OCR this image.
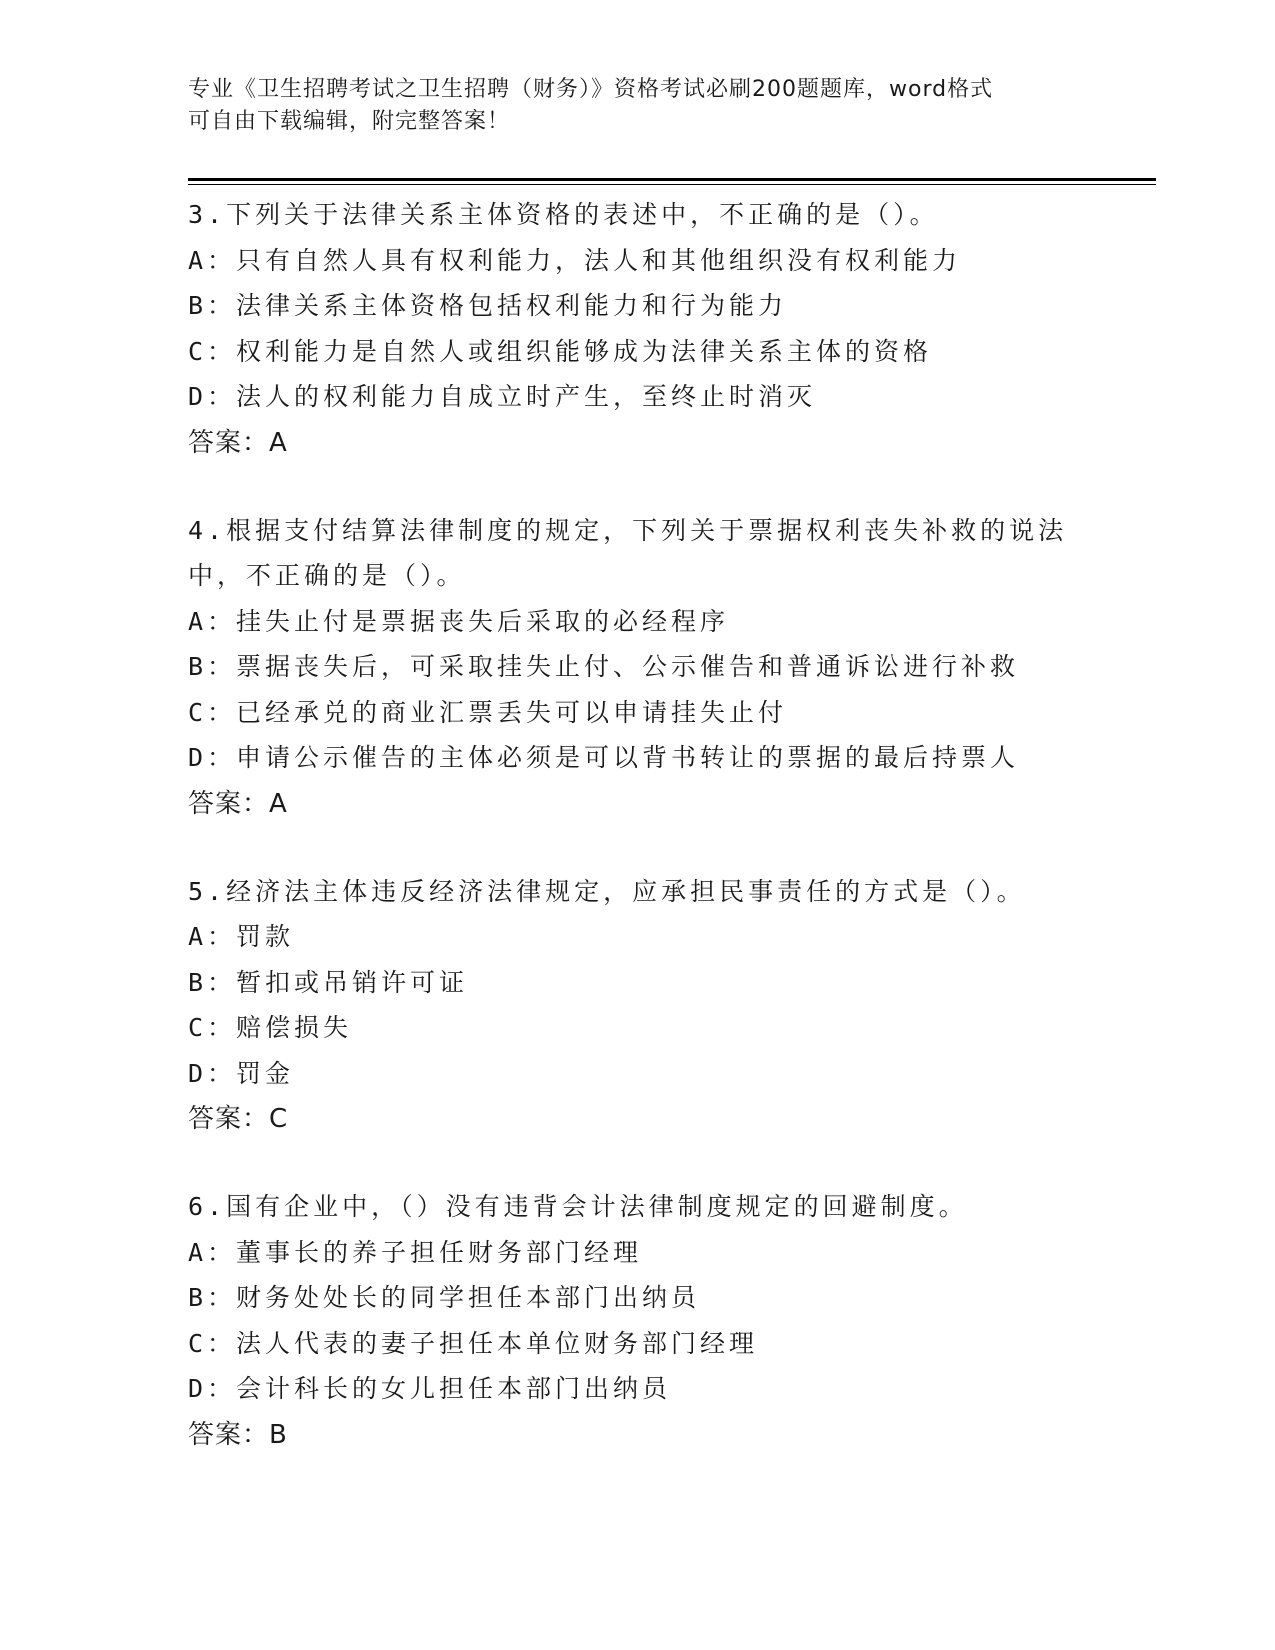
专业《卫生招聘考试之卫生招聘（财务）》资格考试必刷200题题库，word格式
可自由下载编辑，附完整答案！
3.下列关于法律关系主体资格的表述中，不正确的是（）。
A：只有自然人具有权利能力，法人和其他组织没有权利能力
B：法律关系主体资格包括权利能力和行为能力
C：权利能力是自然人或组织能够成为法律关系主体的资格
D：法人的权利能力自成立时产生，至终止时消灭
答案：A
4.根据支付结算法律制度的规定，下列关于票据权利丧失补救的说法
中，不正确的是（）。
A：挂失止付是票据丧失后采取的必经程序
B：票据丧失后，可采取挂失止付、公示催告和普通诉讼进行补救
C：已经承兑的商业汇票丢失可以申请挂失止付
D：申请公示催告的主体必须是可以背书转让的票据的最后持票人
答案：A
5.经济法主体违反经济法律规定，应承担民事责任的方式是（）。
A：罚款
B：暂扣或吊销许可证
C：赔偿损失
D：罚金
答案：C
6.国有企业中，（）没有违背会计法律制度规定的回避制度。
A：董事长的养子担任财务部门经理
B：财务处处长的同学担任本部门出纳员
C：法人代表的妻子担任本单位财务部门经理
D：会计科长的女儿担任本部门出纳员
答案：B
